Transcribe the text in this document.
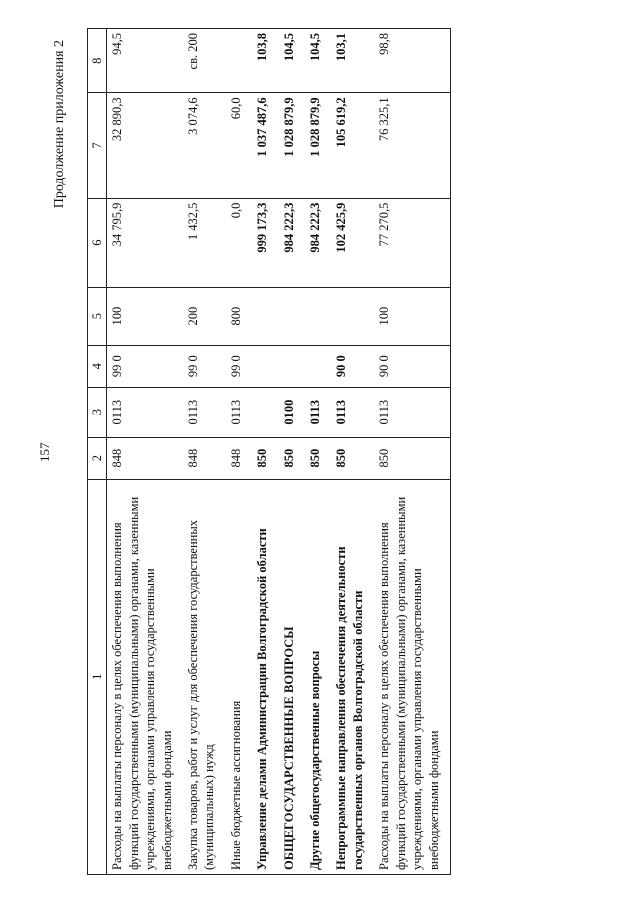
157
Продолжение приложения 2
1	2	3	4	5	6	7	8
Расходы на выплаты персоналу в целях обеспечения выполнения функций государственными (муниципальными) органами, казенными учреждениями, органами управления государственными внебюджетными фондами	848	0113	99 0	100	34 795,9	32 890,3	94,5
Закупка товаров, работ и услуг для обеспечения государственных (муниципальных) нужд	848	0113	99 0	200	1 432,5	3 074,6	св. 200
Иные бюджетные ассигнования	848	0113	99 0	800	0,0	60,0	
Управление делами Администрации Волгоградской области	850				999 173,3	1 037 487,6	103,8
ОБЩЕГОСУДАРСТВЕННЫЕ ВОПРОСЫ	850	0100			984 222,3	1 028 879,9	104,5
Другие общегосударственные вопросы	850	0113			984 222,3	1 028 879,9	104,5
Непрограммные направления обеспечения деятельности государственных органов Волгоградской области	850	0113	90 0		102 425,9	105 619,2	103,1
Расходы на выплаты персоналу в целях обеспечения выполнения функций государственными (муниципальными) органами, казенными учреждениями, органами управления государственными внебюджетными фондами	850	0113	90 0	100	77 270,5	76 325,1	98,8
